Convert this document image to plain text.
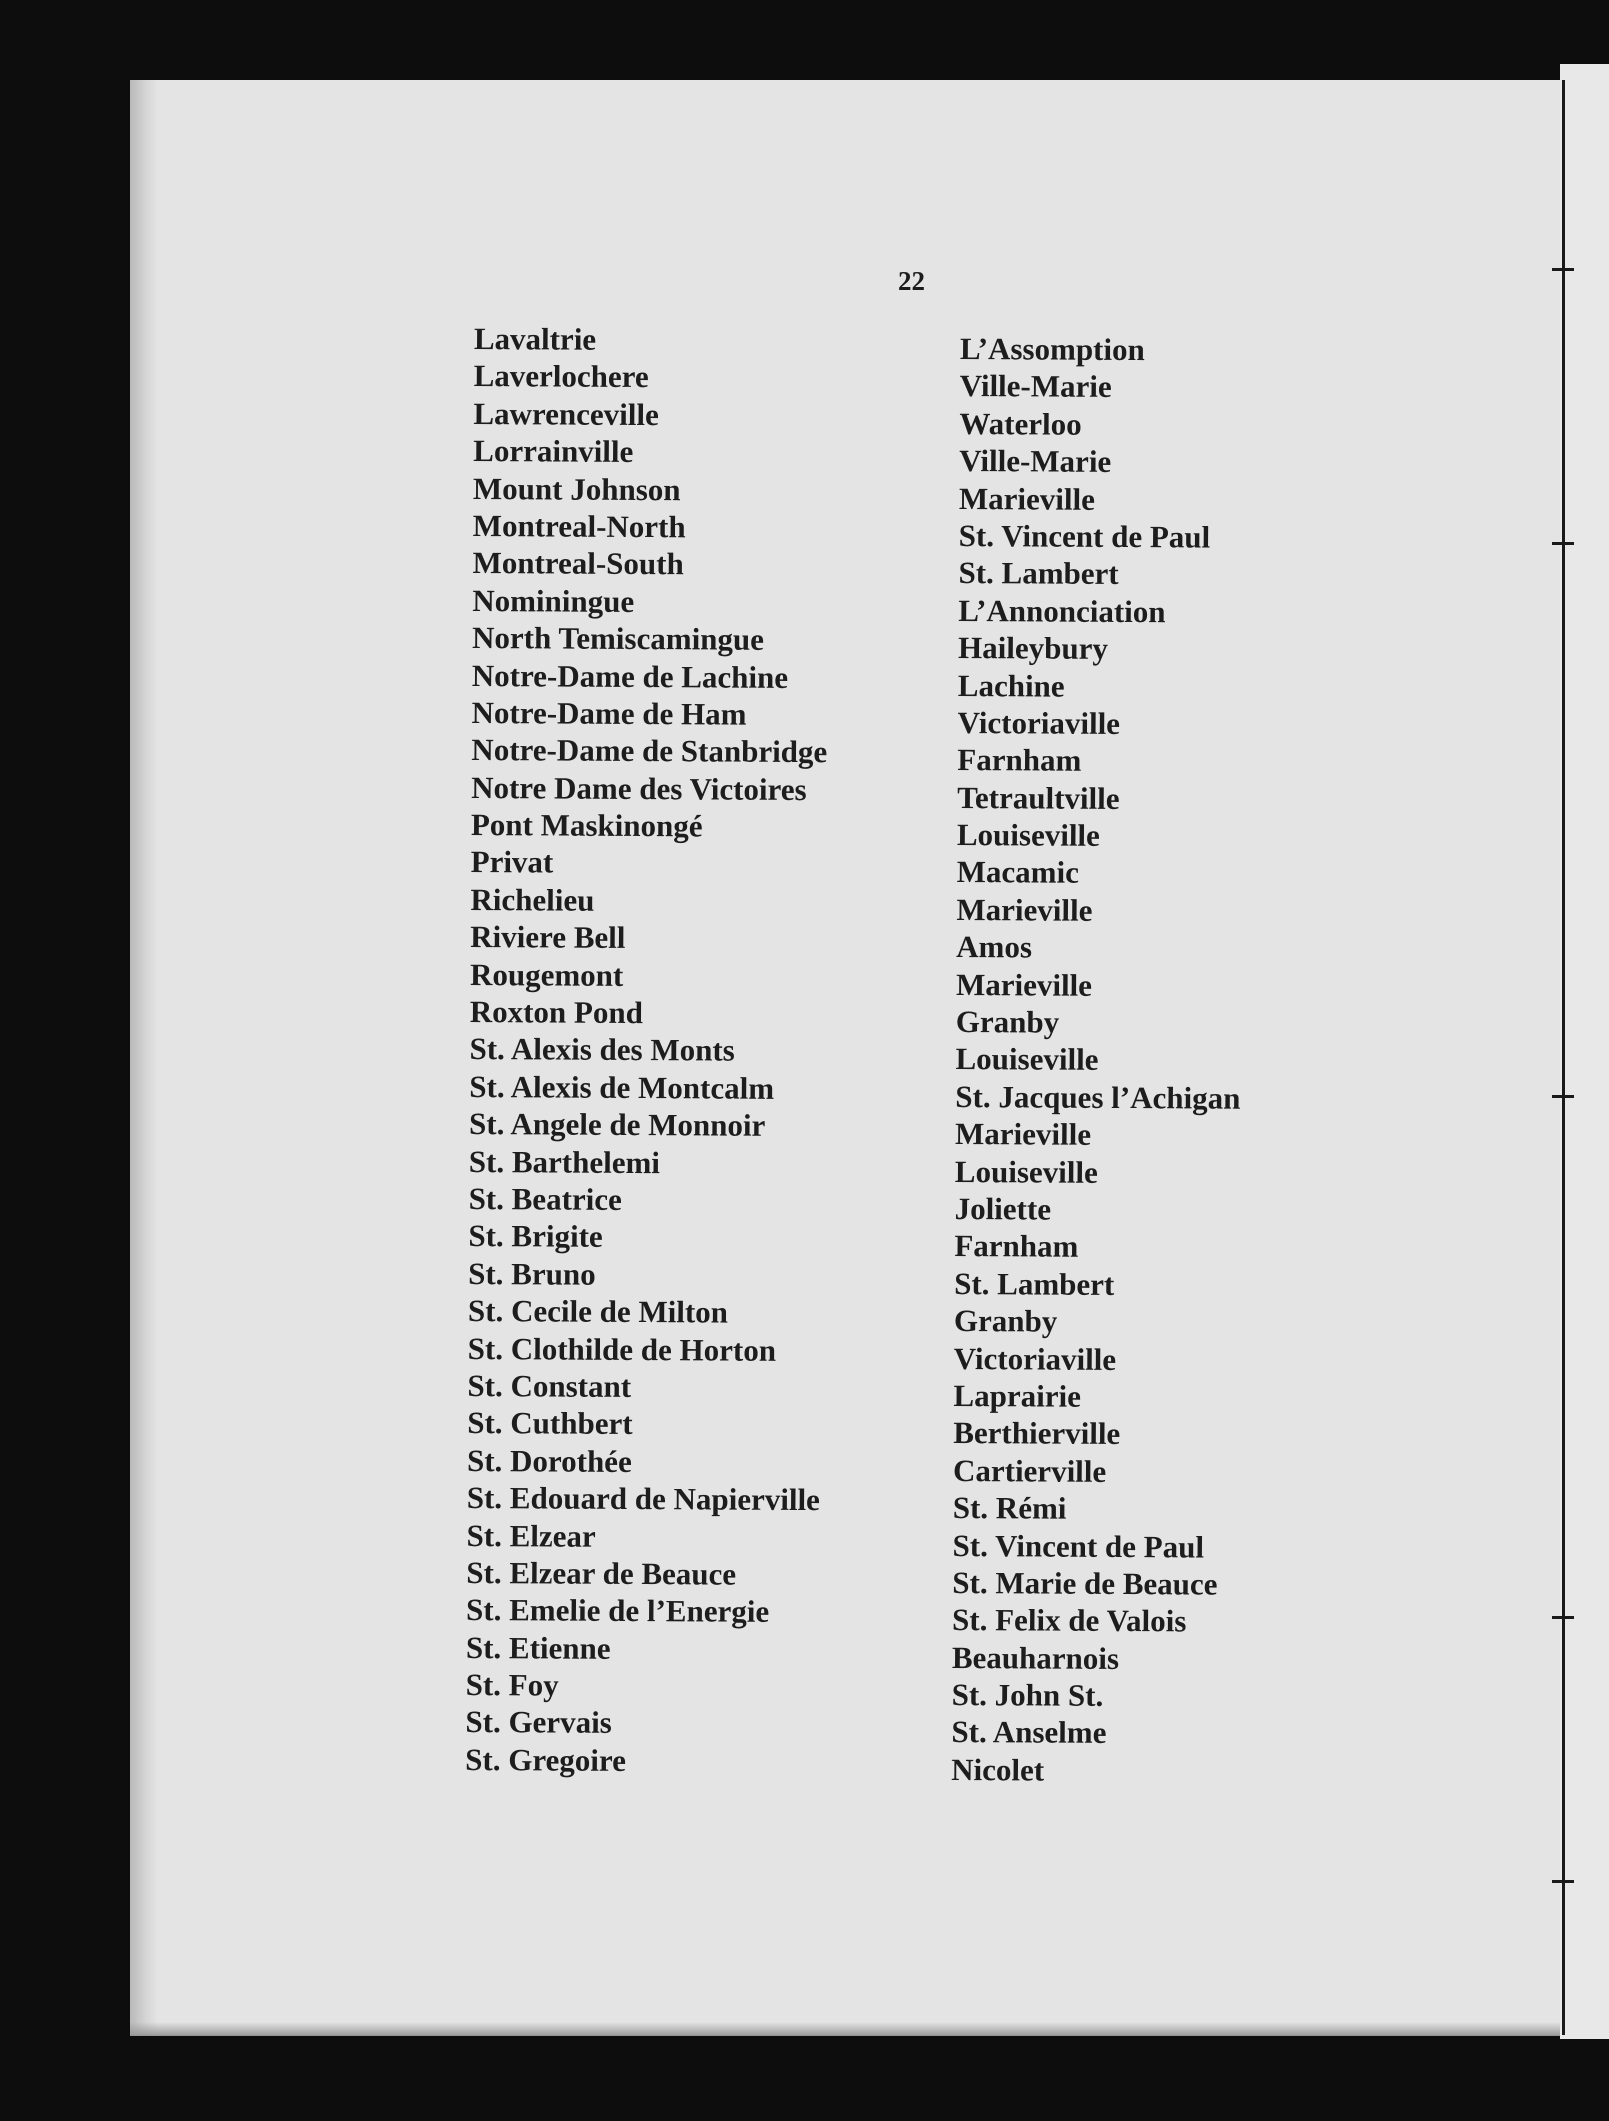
22
Lavaltrie
Laverlochere
Lawrenceville
Lorrainville
Mount Johnson
Montreal-North
Montreal-South
Nominingue
North Temiscamingue
Notre-Dame de Lachine
Notre-Dame de Ham
Notre-Dame de Stanbridge
Notre Dame des Victoires
Pont Maskinongé
Privat
Richelieu
Riviere Bell
Rougemont
Roxton Pond
St. Alexis des Monts
St. Alexis de Montcalm
St. Angele de Monnoir
St. Barthelemi
St. Beatrice
St. Brigite
St. Bruno
St. Cecile de Milton
St. Clothilde de Horton
St. Constant
St. Cuthbert
St. Dorothée
St. Edouard de Napierville
St. Elzear
St. Elzear de Beauce
St. Emelie de l’Energie
St. Etienne
St. Foy
St. Gervais
St. Gregoire
L’Assomption
Ville-Marie
Waterloo
Ville-Marie
Marieville
St. Vincent de Paul
St. Lambert
L’Annonciation
Haileybury
Lachine
Victoriaville
Farnham
Tetraultville
Louiseville
Macamic
Marieville
Amos
Marieville
Granby
Louiseville
St. Jacques l’Achigan
Marieville
Louiseville
Joliette
Farnham
St. Lambert
Granby
Victoriaville
Laprairie
Berthierville
Cartierville
St. Rémi
St. Vincent de Paul
St. Marie de Beauce
St. Felix de Valois
Beauharnois
St. John St.
St. Anselme
Nicolet
